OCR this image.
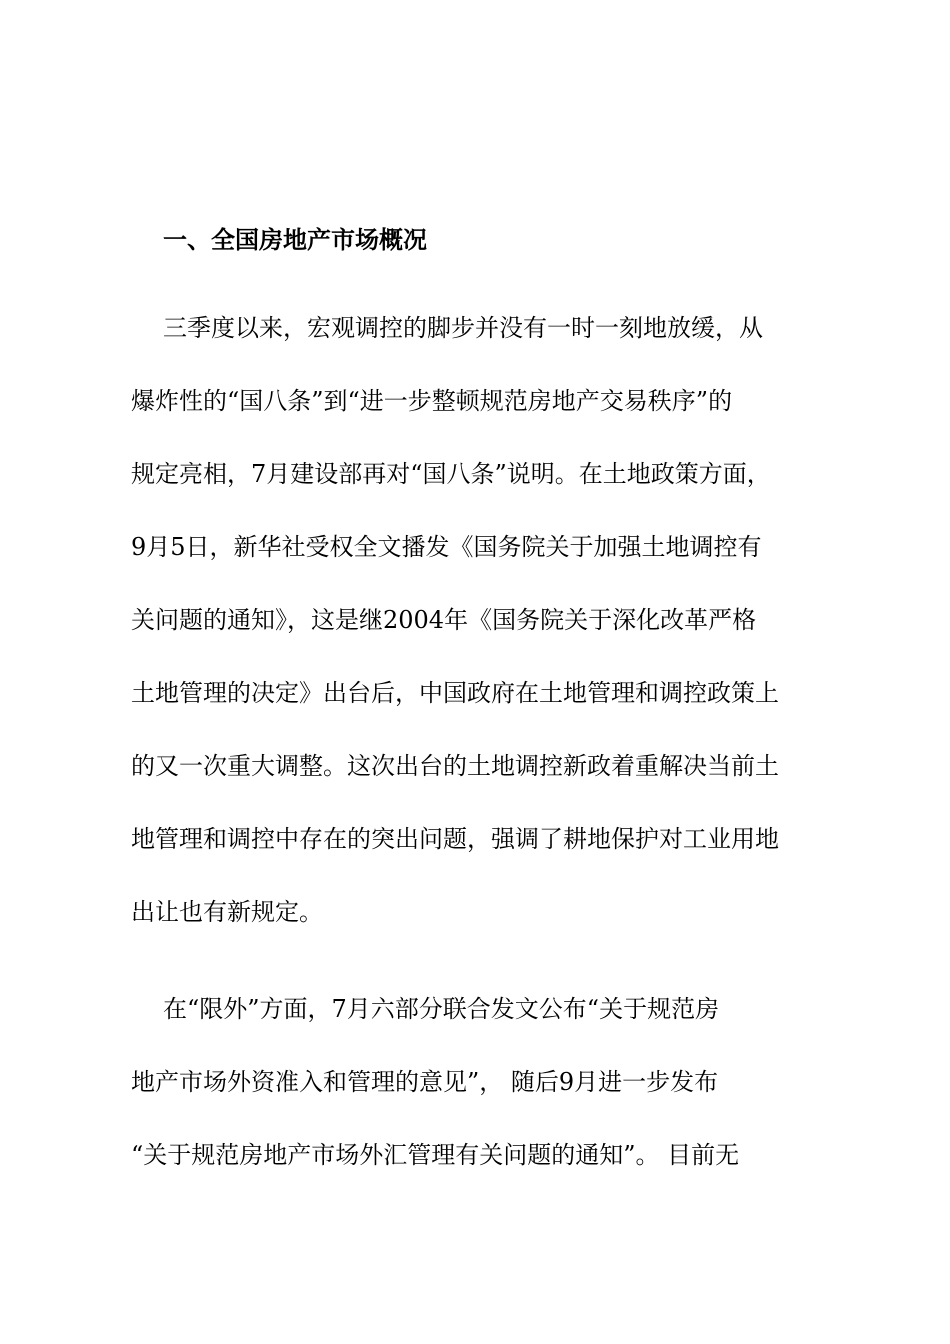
一、全国房地产市场概况
三季度以来，宏观调控的脚步并没有一时一刻地放缓，从
爆炸性的“国八条”到“进一步整顿规范房地产交易秩序”的
规定亮相，7月建设部再对“国八条”说明。在土地政策方面，
9月5日，新华社受权全文播发《国务院关于加强土地调控有
关问题的通知》，这是继2004年《国务院关于深化改革严格
土地管理的决定》出台后，中国政府在土地管理和调控政策上
的又一次重大调整。这次出台的土地调控新政着重解决当前土
地管理和调控中存在的突出问题，强调了耕地保护对工业用地
出让也有新规定。
在“限外”方面，7月六部分联合发文公布“关于规范房
地产市场外资准入和管理的意见”， 随后9月进一步发布
“关于规范房地产市场外汇管理有关问题的通知”。 目前无
